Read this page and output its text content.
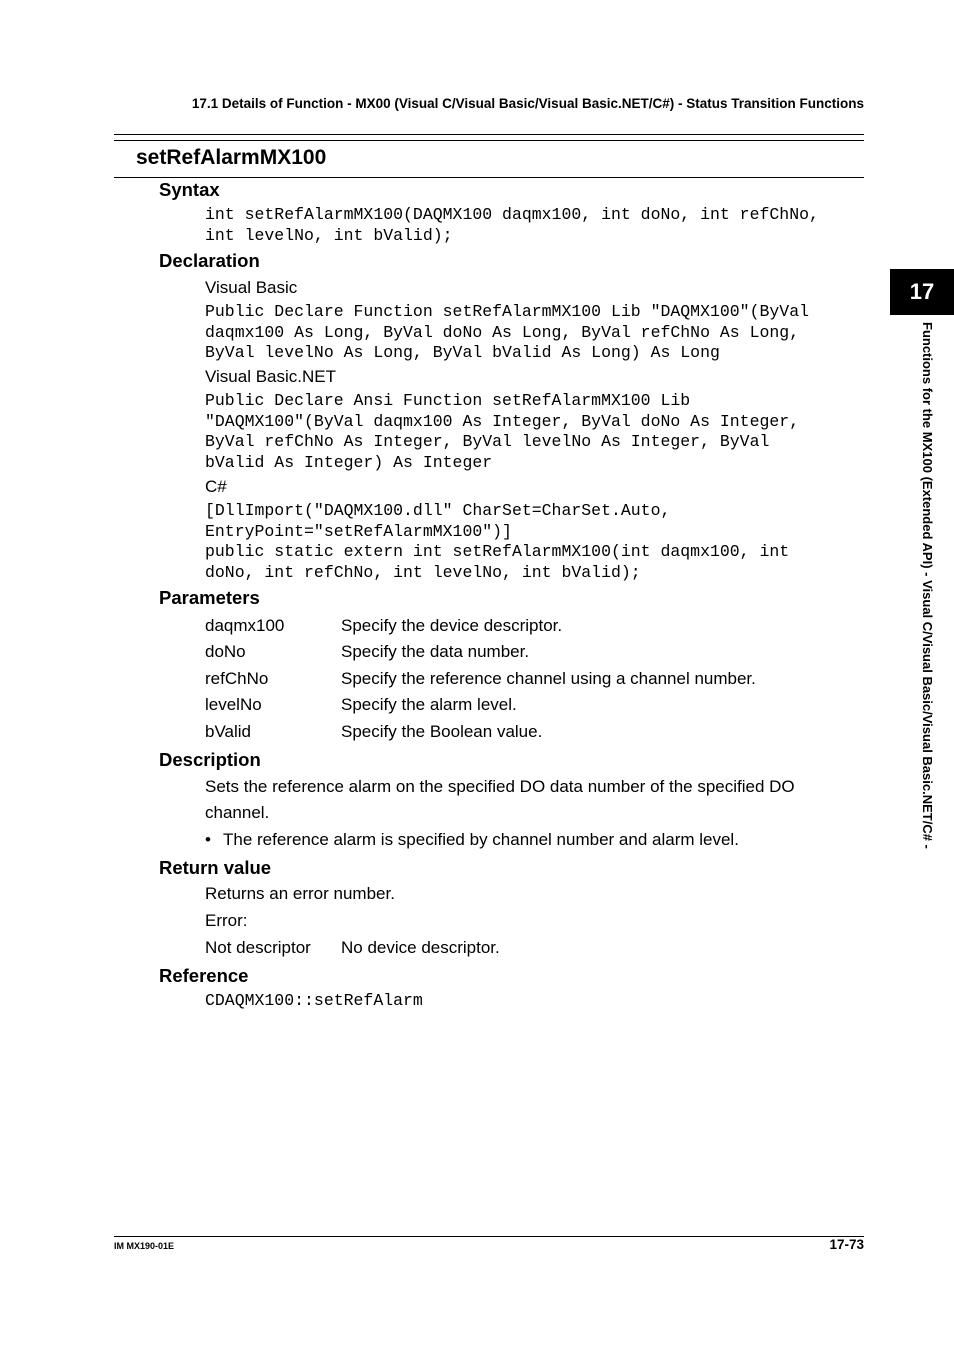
17.1 Details of Function - MX00 (Visual C/Visual Basic/Visual Basic.NET/C#) - Status Transition Functions
setRefAlarmMX100
Syntax
int setRefAlarmMX100(DAQMX100 daqmx100, int doNo, int refChNo,
int levelNo, int bValid);
Declaration
Visual Basic
Public Declare Function setRefAlarmMX100 Lib "DAQMX100"(ByVal
daqmx100 As Long, ByVal doNo As Long, ByVal refChNo As Long,
ByVal levelNo As Long, ByVal bValid As Long) As Long
Visual Basic.NET
Public Declare Ansi Function setRefAlarmMX100 Lib
"DAQMX100"(ByVal daqmx100 As Integer, ByVal doNo As Integer,
ByVal refChNo As Integer, ByVal levelNo As Integer, ByVal
bValid As Integer) As Integer
C#
[DllImport("DAQMX100.dll" CharSet=CharSet.Auto,
EntryPoint="setRefAlarmMX100")]
public static extern int setRefAlarmMX100(int daqmx100, int
doNo, int refChNo, int levelNo, int bValid);
Parameters
daqmx100	Specify the device descriptor.
doNo	Specify the data number.
refChNo	Specify the reference channel using a channel number.
levelNo	Specify the alarm level.
bValid	Specify the Boolean value.
Description
Sets the reference alarm on the specified DO data number of the specified DO channel.
• The reference alarm is specified by channel number and alarm level.
Return value
Returns an error number.
Error:
Not descriptor No device descriptor.
Reference
CDAQMX100::setRefAlarm
17
Functions for the MX100 (Extended API) - Visual C/Visual Basic/Visual Basic.NET/C# -
IM MX190-01E	17-73
